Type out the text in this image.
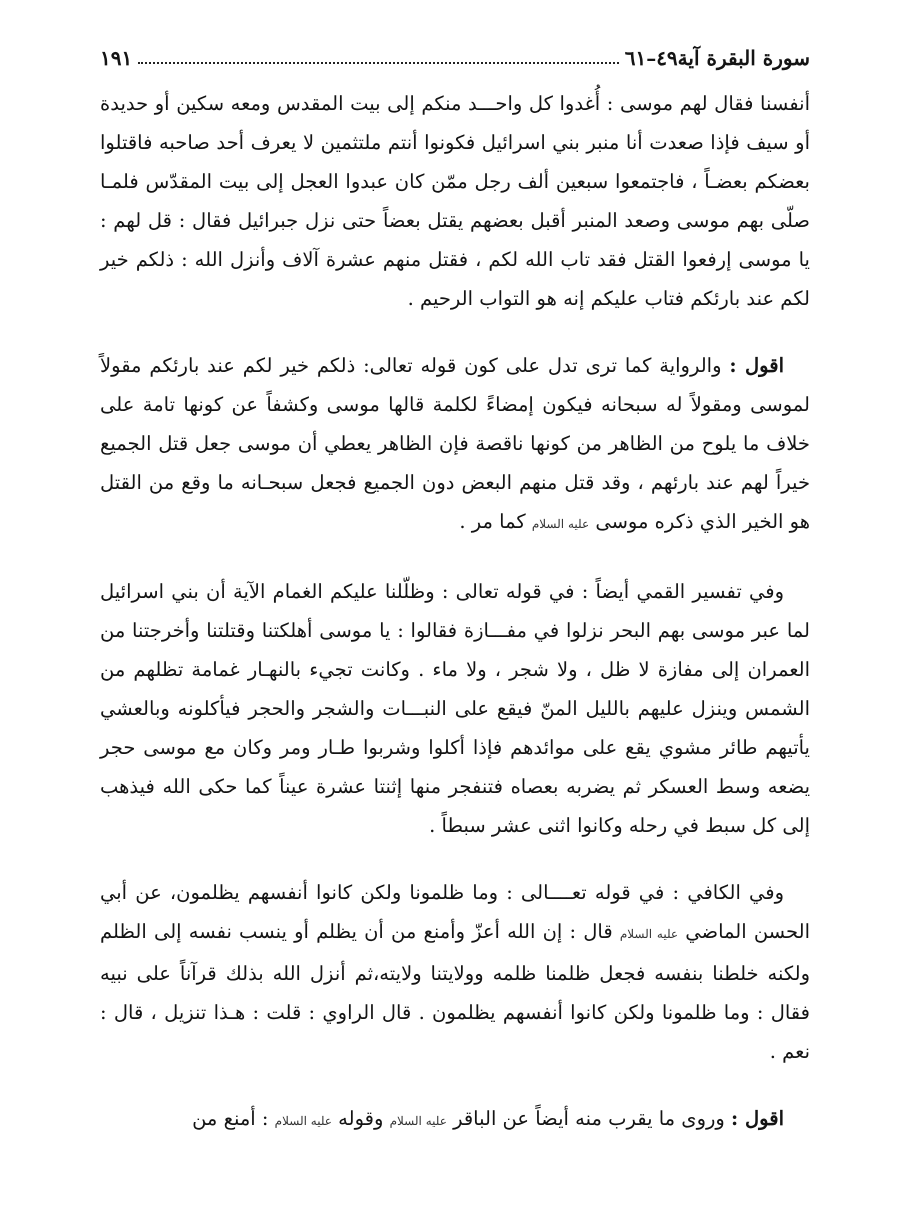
سورة البقرة آية٤٩–٦١
١٩١

أنفسنا فقال لهم موسى : أُغدوا كل واحـــد منكم إلى بيت المقدس ومعه سكين أو حديدة أو سيف فإذا صعدت أنا منبر بني اسرائيل فكونوا أنتم ملتثمين لا يعرف أحد صاحبه فاقتلوا بعضكم بعضـاً ، فاجتمعوا سبعين ألف رجل ممّن كان عبدوا العجل إلى بيت المقدّس فلمـا صلّى بهم موسى وصعد المنبر أقبل بعضهم يقتل بعضاً حتى نزل جبرائيل فقال : قل لهم : يا موسى إرفعوا القتل فقد تاب الله لكم ، فقتل منهم عشرة آلاف وأنزل الله : ذلكم خير لكم عند بارئكم فتاب عليكم إنه هو التواب الرحيم .

اقول : والرواية كما ترى تدل على كون قوله تعالى: ذلكم خير لكم عند بارئكم مقولاً لموسى ومقولاً له سبحانه فيكون إمضاءً لكلمة قالها موسى وكشفاً عن كونها تامة على خلاف ما يلوح من الظاهر من كونها ناقصة فإن الظاهر يعطي أن موسى جعل قتل الجميع خيراً لهم عند بارئهم ، وقد قتل منهم البعض دون الجميع فجعل سبحـانه ما وقع من القتل هو الخير الذي ذكره موسى عليه السلام كما مر .

وفي تفسير القمي أيضاً : في قوله تعالى : وظلّلنا عليكم الغمام الآية أن بني اسرائيل لما عبر موسى بهم البحر نزلوا في مفـــازة فقالوا : يا موسى أهلكتنا وقتلتنا وأخرجتنا من العمران إلى مفازة لا ظل ، ولا شجر ، ولا ماء . وكانت تجيء بالنهـار غمامة تظلهم من الشمس وينزل عليهم بالليل المنّ فيقع على النبـــات والشجر والحجر فيأكلونه وبالعشي يأتيهم طائر مشوي يقع على موائدهم فإذا أكلوا وشربوا طـار ومر وكان مع موسى حجر يضعه وسط العسكر ثم يضربه بعصاه فتنفجر منها إثنتا عشرة عيناً كما حكى الله فيذهب إلى كل سبط في رحله وكانوا اثنى عشر سبطاً .

وفي الكافي : في قوله تعــــالى : وما ظلمونا ولكن كانوا أنفسهم يظلمون، عن أبي الحسن الماضي عليه السلام قال : إن الله أعزّ وأمنع من أن يظلم أو ينسب نفسه إلى الظلم ولكنه خلطنا بنفسه فجعل ظلمنا ظلمه وولايتنا ولايته،ثم أنزل الله بذلك قرآناً على نبيه فقال : وما ظلمونا ولكن كانوا أنفسهم يظلمون . قال الراوي : قلت : هـذا تنزيل ، قال : نعم .

اقول : وروى ما يقرب منه أيضاً عن الباقر عليه السلام وقوله عليه السلام : أمنع من
